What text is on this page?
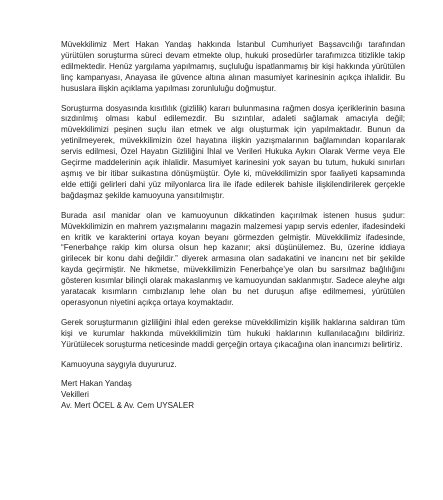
Müvekkilimiz Mert Hakan Yandaş hakkında İstanbul Cumhuriyet Başsavcılığı tarafından yürütülen soruşturma süreci devam etmekte olup, hukuki prosedürler tarafımızca titizlikle takip edilmektedir. Henüz yargılama yapılmamış, suçluluğu ispatlanmamış bir kişi hakkında yürütülen linç kampanyası, Anayasa ile güvence altına alınan masumiyet karinesinin açıkça ihlalidir. Bu hususlara ilişkin açıklama yapılması zorunluluğu doğmuştur.

Soruşturma dosyasında kısıtlılık (gizlilik) kararı bulunmasına rağmen dosya içeriklerinin basına sızdırılmış olması kabul edilemezdir. Bu sızıntılar, adaleti sağlamak amacıyla değil; müvekkilimizi peşinen suçlu ilan etmek ve algı oluşturmak için yapılmaktadır. Bunun da yetinilmeyerek, müvekkilimizin özel hayatına ilişkin yazışmalarının bağlamından koparılarak servis edilmesi, Özel Hayatın Gizliliğini İhlal ve Verileri Hukuka Aykırı Olarak Verme veya Ele Geçirme maddelerinin açık ihlalidir. Masumiyet karinesini yok sayan bu tutum, hukuki sınırları aşmış ve bir itibar suikastına dönüşmüştür. Öyle ki, müvekkilimizin spor faaliyeti kapsamında elde ettiği gelirleri dahi yüz milyonlarca lira ile ifade edilerek bahisle ilişkilendirilerek gerçekle bağdaşmaz şekilde kamuoyuna yansıtılmıştır.

Burada asıl manidar olan ve kamuoyunun dikkatinden kaçırılmak istenen husus şudur: Müvekkilimizin en mahrem yazışmalarını magazin malzemesi yapıp servis edenler, ifadesindeki en kritik ve karakterini ortaya koyan beyanı görmezden gelmiştir. Müvekkilimiz ifadesinde, “Fenerbahçe rakip kim olursa olsun hep kazanır; aksi düşünülemez. Bu, üzerine iddiaya girilecek bir konu dahi değildir.” diyerek armasına olan sadakatini ve inancını net bir şekilde kayda geçirmiştir. Ne hikmetse, müvekkilimizin Fenerbahçe’ye olan bu sarsılmaz bağlılığını gösteren kısımlar bilinçli olarak makaslanmış ve kamuoyundan saklanmıştır. Sadece aleyhe algı yaratacak kısımların cımbızlanıp lehe olan bu net duruşun afişe edilmemesi, yürütülen operasyonun niyetini açıkça ortaya koymaktadır.

Gerek soruşturmanın gizliliğini ihlal eden gerekse müvekkilimizin kişilik haklarına saldıran tüm kişi ve kurumlar hakkında müvekkilimizin tüm hukuki haklarının kullanılacağını bildiririz. Yürütülecek soruşturma neticesinde maddi gerçeğin ortaya çıkacağına olan inancımızı belirtiriz.

Kamuoyuna saygıyla duyururuz.

Mert Hakan Yandaş

Vekilleri

Av. Mert ÖCEL & Av. Cem UYSALER
